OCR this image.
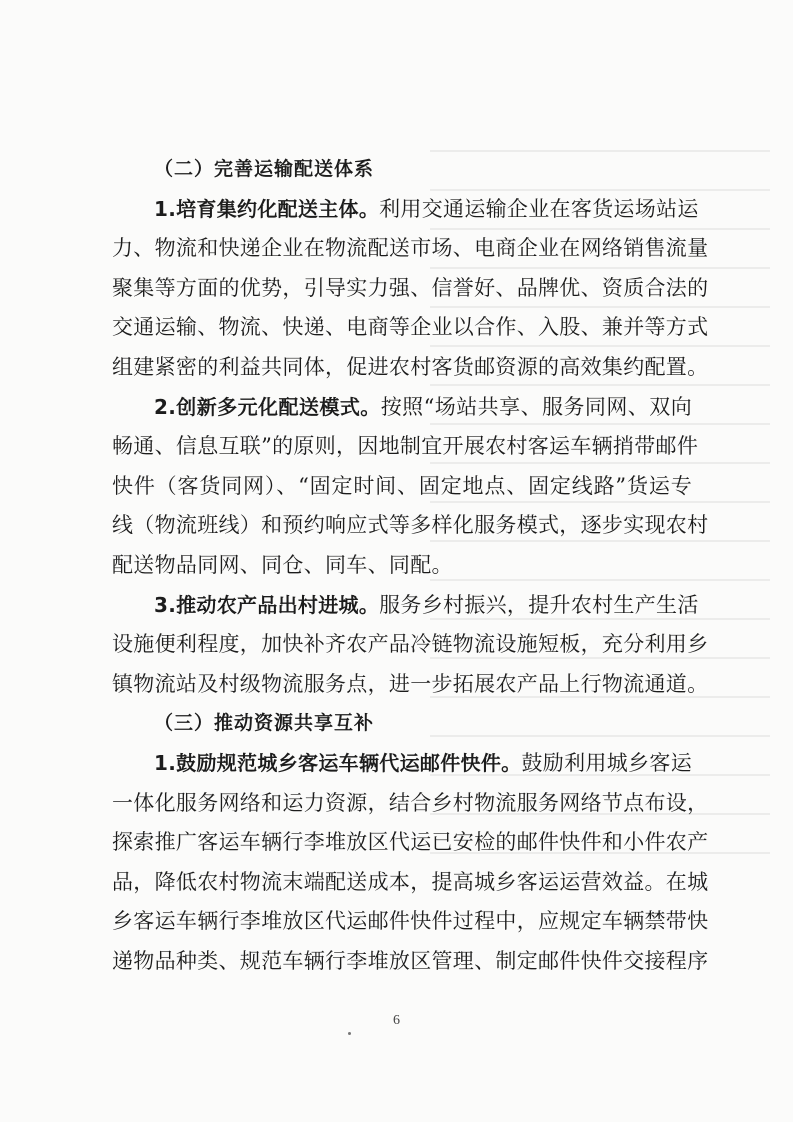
（二）完善运输配送体系
1.培育集约化配送主体。利用交通运输企业在客货运场站运
力、物流和快递企业在物流配送市场、电商企业在网络销售流量
聚集等方面的优势，引导实力强、信誉好、品牌优、资质合法的
交通运输、物流、快递、电商等企业以合作、入股、兼并等方式
组建紧密的利益共同体，促进农村客货邮资源的高效集约配置。
2.创新多元化配送模式。按照“场站共享、服务同网、双向
畅通、信息互联”的原则，因地制宜开展农村客运车辆捎带邮件
快件（客货同网）、“固定时间、固定地点、固定线路”货运专
线（物流班线）和预约响应式等多样化服务模式，逐步实现农村
配送物品同网、同仓、同车、同配。
3.推动农产品出村进城。服务乡村振兴，提升农村生产生活
设施便利程度，加快补齐农产品冷链物流设施短板，充分利用乡
镇物流站及村级物流服务点，进一步拓展农产品上行物流通道。
（三）推动资源共享互补
1.鼓励规范城乡客运车辆代运邮件快件。鼓励利用城乡客运
一体化服务网络和运力资源，结合乡村物流服务网络节点布设，
探索推广客运车辆行李堆放区代运已安检的邮件快件和小件农产
品，降低农村物流末端配送成本，提高城乡客运运营效益。在城
乡客运车辆行李堆放区代运邮件快件过程中，应规定车辆禁带快
递物品种类、规范车辆行李堆放区管理、制定邮件快件交接程序
6
